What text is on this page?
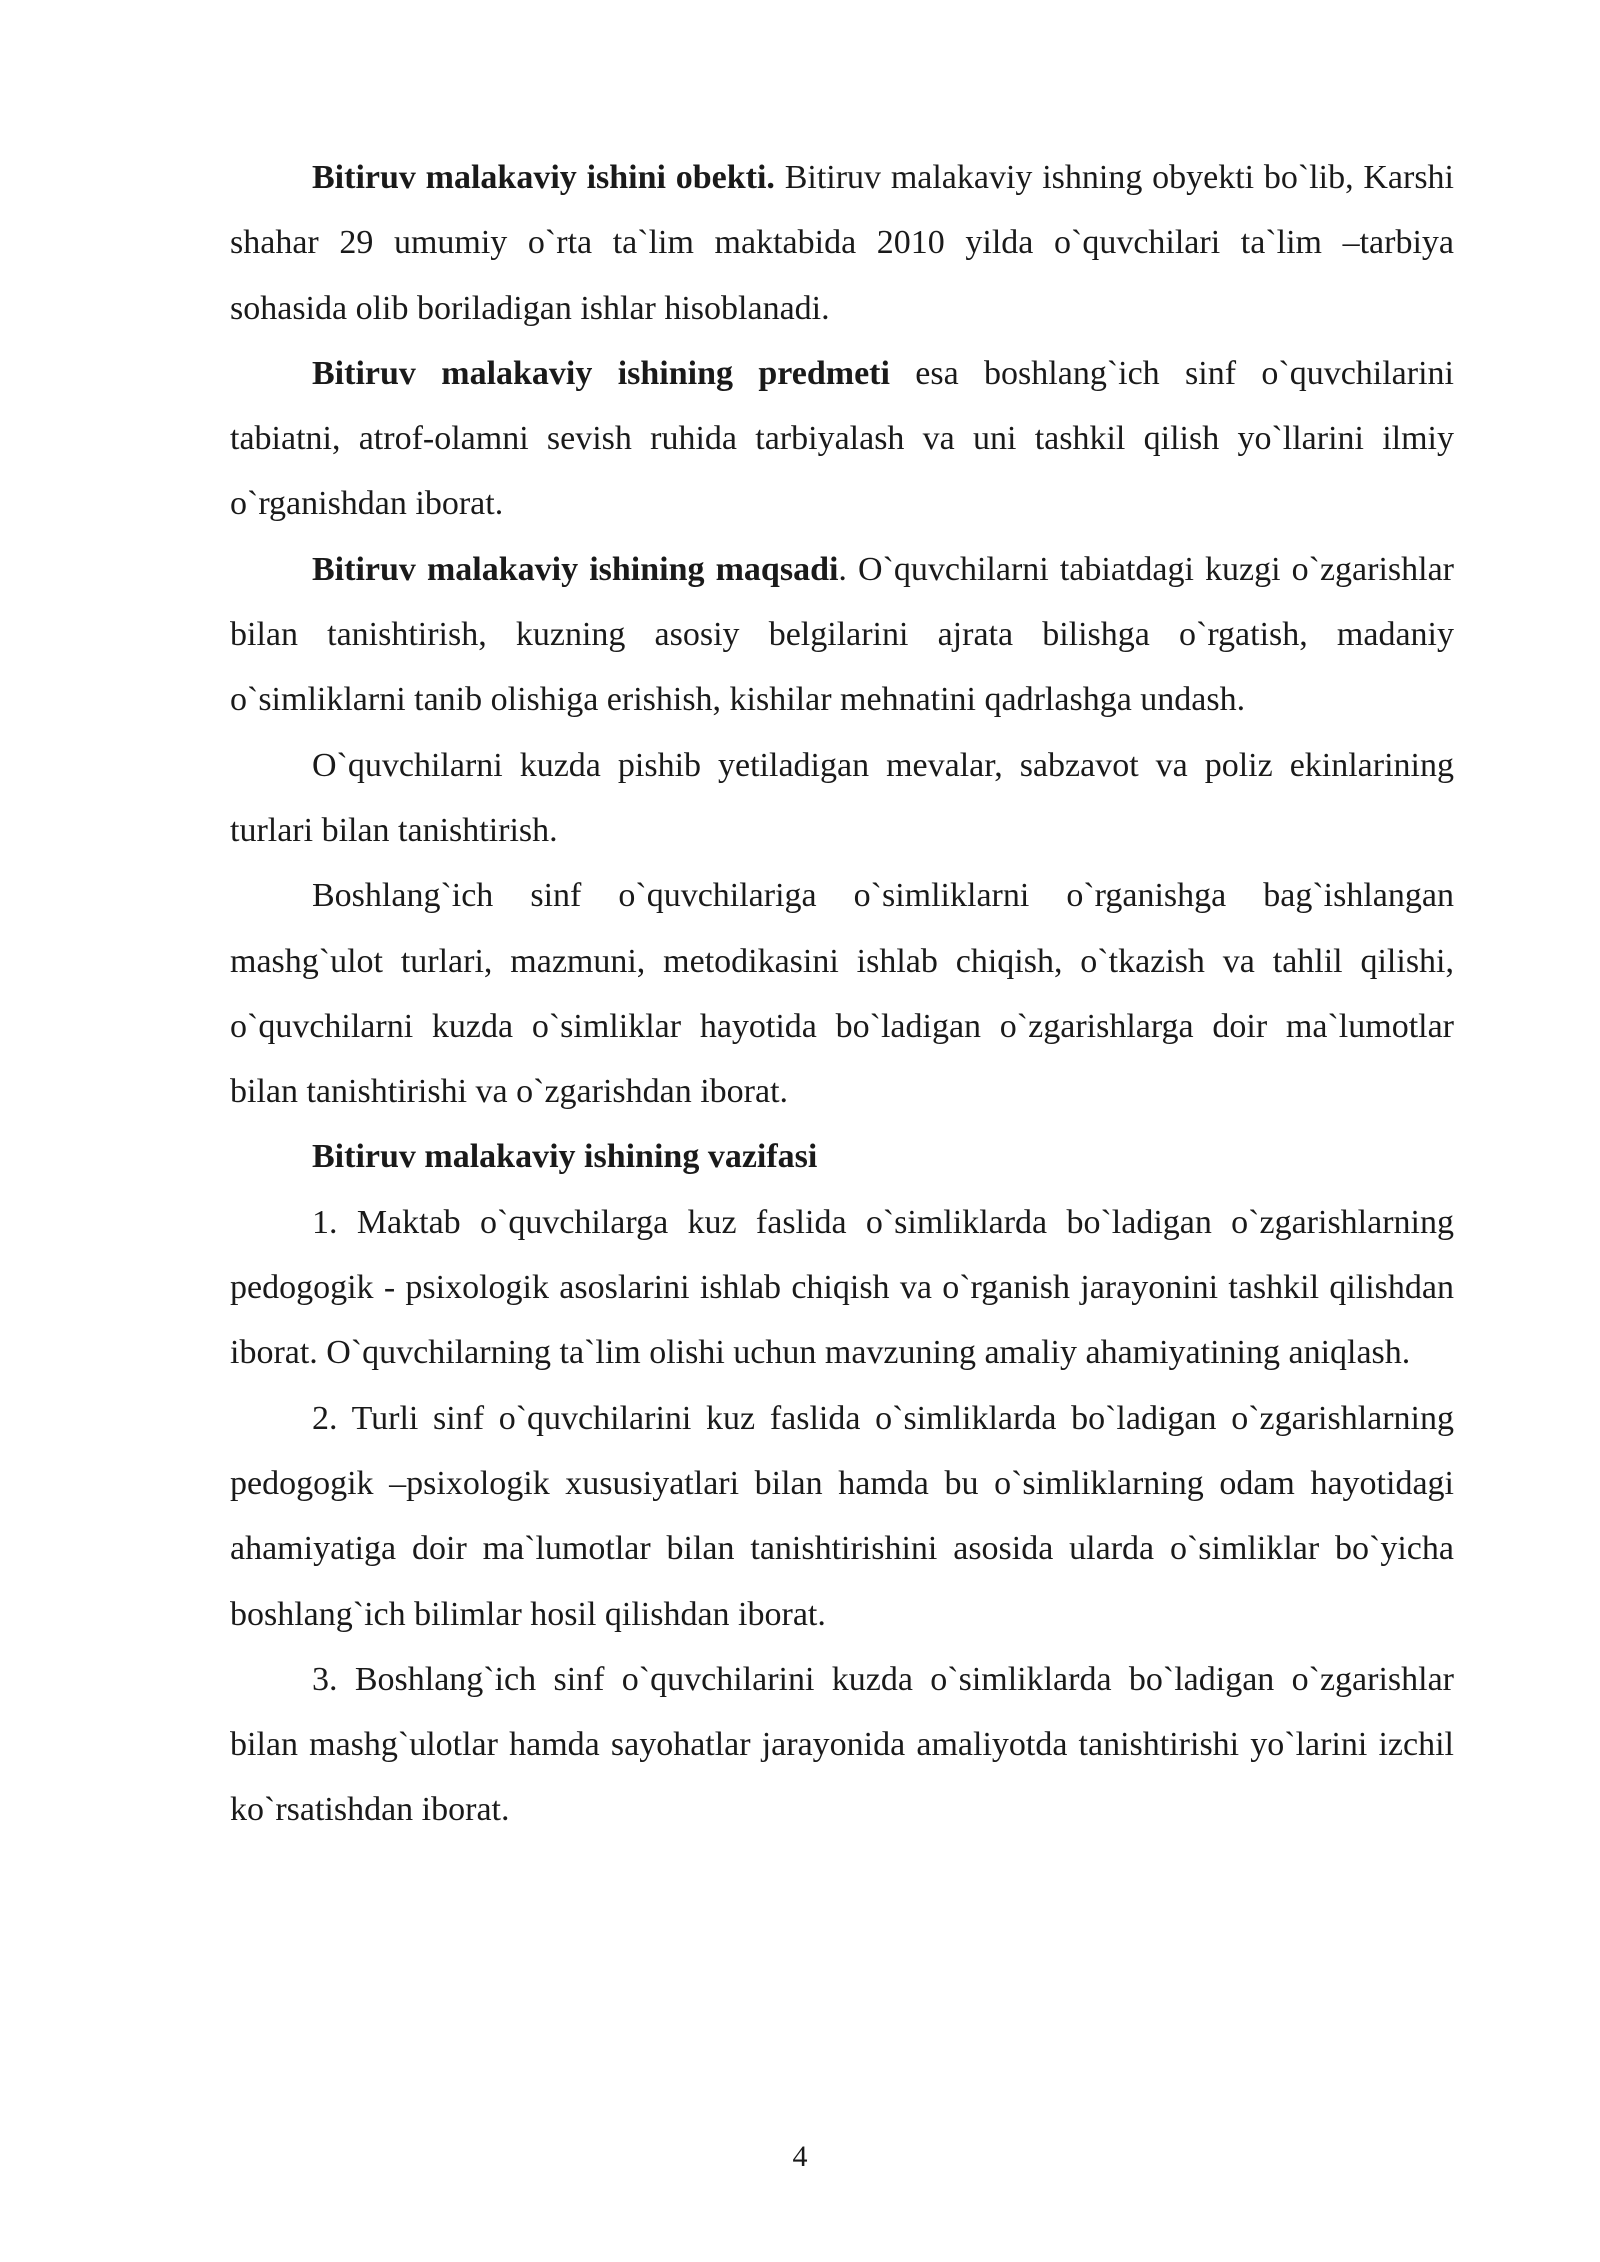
Bitiruv malakaviy ishini obekti. Bitiruv malakaviy ishning obyekti bo`lib, Karshi shahar 29 umumiy o`rta ta`lim maktabida 2010 yilda o`quvchilari ta`lim –tarbiya sohasida olib boriladigan ishlar hisoblanadi.

Bitiruv malakaviy ishining predmeti esa boshlang`ich sinf o`quvchilarini tabiatni, atrof-olamni sevish ruhida tarbiyalash va uni tashkil qilish yo`llarini ilmiy o`rganishdan iborat.

Bitiruv malakaviy ishining maqsadi. O`quvchilarni tabiatdagi kuzgi o`zgarishlar bilan tanishtirish, kuzning asosiy belgilarini ajrata bilishga o`rgatish, madaniy o`simliklarni tanib olishiga erishish, kishilar mehnatini qadrlashga undash.

O`quvchilarni kuzda pishib yetiladigan mevalar, sabzavot va poliz ekinlarining turlari bilan tanishtirish.

Boshlang`ich sinf o`quvchilariga o`simliklarni o`rganishga bag`ishlangan mashg`ulot turlari, mazmuni, metodikasini ishlab chiqish, o`tkazish va tahlil qilishi, o`quvchilarni kuzda o`simliklar hayotida bo`ladigan o`zgarishlarga doir ma`lumotlar bilan tanishtirishi va o`zgarishdan iborat.

Bitiruv malakaviy ishining vazifasi

1. Maktab o`quvchilarga kuz faslida o`simliklarda bo`ladigan o`zgarishlarning pedogogik - psixologik asoslarini ishlab chiqish va o`rganish jarayonini tashkil qilishdan iborat. O`quvchilarning ta`lim olishi uchun mavzuning amaliy ahamiyatining aniqlash.

2. Turli sinf o`quvchilarini kuz faslida o`simliklarda bo`ladigan o`zgarishlarning pedogogik –psixologik xususiyatlari bilan hamda bu o`simliklarning odam hayotidagi ahamiyatiga doir ma`lumotlar bilan tanishtirishini asosida ularda o`simliklar bo`yicha boshlang`ich bilimlar hosil qilishdan iborat.

3. Boshlang`ich sinf o`quvchilarini kuzda o`simliklarda bo`ladigan o`zgarishlar bilan mashg`ulotlar hamda sayohatlar jarayonida amaliyotda tanishtirishi yo`larini izchil ko`rsatishdan iborat.

4
